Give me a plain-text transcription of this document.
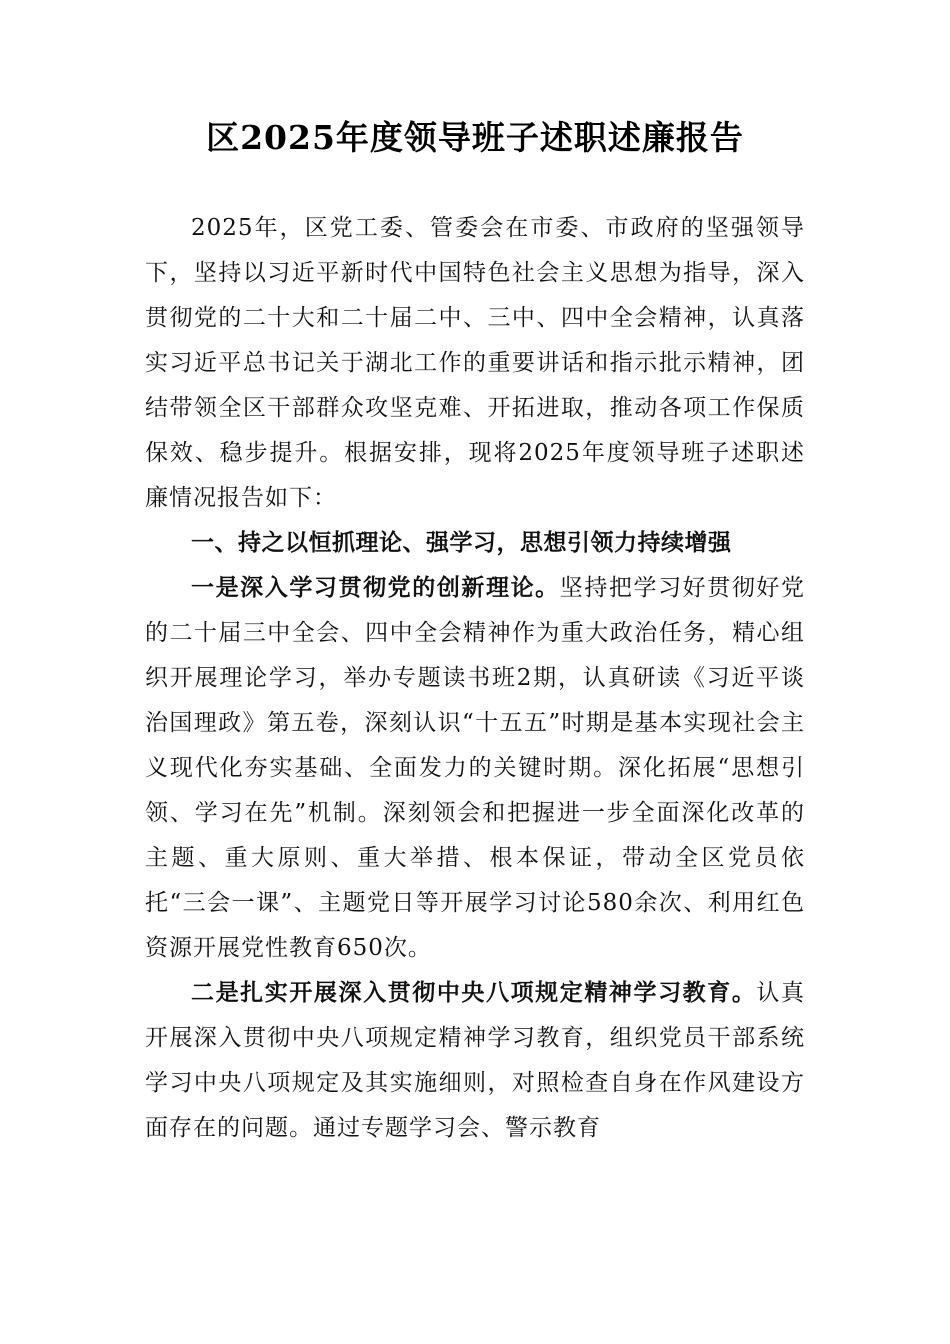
区2025年度领导班子述职述廉报告

2025年，区党工委、管委会在市委、市政府的坚强领导下，坚持以习近平新时代中国特色社会主义思想为指导，深入贯彻党的二十大和二十届二中、三中、四中全会精神，认真落实习近平总书记关于湖北工作的重要讲话和指示批示精神，团结带领全区干部群众攻坚克难、开拓进取，推动各项工作保质保效、稳步提升。根据安排，现将2025年度领导班子述职述廉情况报告如下：

一、持之以恒抓理论、强学习，思想引领力持续增强

一是深入学习贯彻党的创新理论。坚持把学习好贯彻好党的二十届三中全会、四中全会精神作为重大政治任务，精心组织开展理论学习，举办专题读书班2期，认真研读《习近平谈治国理政》第五卷，深刻认识“十五五”时期是基本实现社会主义现代化夯实基础、全面发力的关键时期。深化拓展“思想引领、学习在先”机制。深刻领会和把握进一步全面深化改革的主题、重大原则、重大举措、根本保证，带动全区党员依托“三会一课”、主题党日等开展学习讨论580余次、利用红色资源开展党性教育650次。

二是扎实开展深入贯彻中央八项规定精神学习教育。认真开展深入贯彻中央八项规定精神学习教育，组织党员干部系统学习中央八项规定及其实施细则，对照检查自身在作风建设方面存在的问题。通过专题学习会、警示教育
